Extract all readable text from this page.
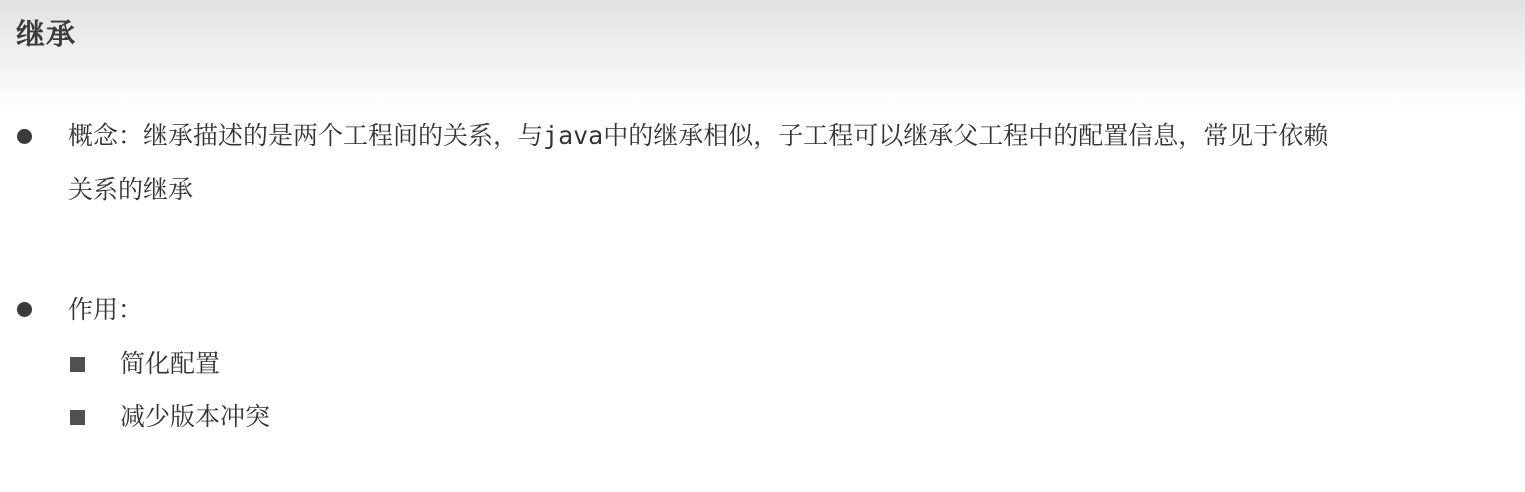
继承
概念：继承描述的是两个工程间的关系，与java中的继承相似，子工程可以继承父工程中的配置信息，常见于依赖
关系的继承
作用：
简化配置
减少版本冲突
